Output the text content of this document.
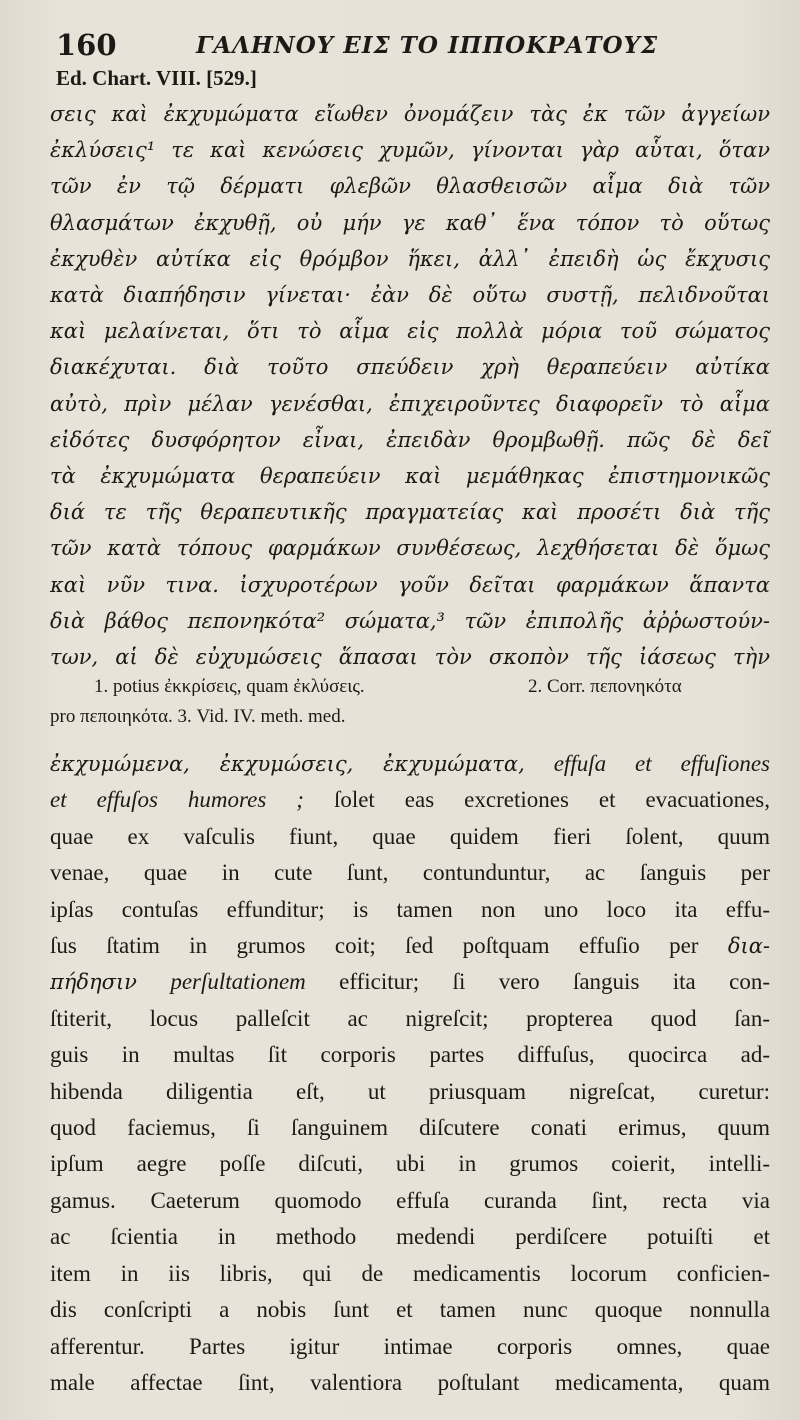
160	ΓΑΛΗΝΟΥ ΕΙΣ ΤΟ ΙΠΠΟΚΡΑΤΟΥΣ
Ed. Chart. VIII. [529.]
σεις καὶ ἐκχυμώματα εἴωθεν ὀνομάζειν τὰς ἐκ τῶν ἀγγείων
ἐκλύσεις¹ τε καὶ κενώσεις χυμῶν, γίνονται γὰρ αὗται, ὅταν
τῶν ἐν τῷ δέρματι φλεβῶν θλασθεισῶν αἷμα διὰ τῶν
θλασμάτων ἐκχυθῇ, οὐ μήν γε καθ᾽ ἕνα τόπον τὸ οὕτως
ἐκχυθὲν αὐτίκα εἰς θρόμβον ἥκει, ἀλλ᾽ ἐπειδὴ ὡς ἔκχυσις
κατὰ διαπήδησιν γίνεται· ἐὰν δὲ οὕτω συστῇ, πελιδνοῦται
καὶ μελαίνεται, ὅτι τὸ αἷμα εἰς πολλὰ μόρια τοῦ σώματος
διακέχυται. διὰ τοῦτο σπεύδειν χρὴ θεραπεύειν αὐτίκα
αὐτὸ, πρὶν μέλαν γενέσθαι, ἐπιχειροῦντες διαφορεῖν τὸ αἷμα
εἰδότες δυσφόρητον εἶναι, ἐπειδὰν θρομβωθῇ. πῶς δὲ δεῖ
τὰ ἐκχυμώματα θεραπεύειν καὶ μεμάθηκας ἐπιστημονικῶς
διά τε τῆς θεραπευτικῆς πραγματείας καὶ προσέτι διὰ τῆς
τῶν κατὰ τόπους φαρμάκων συνθέσεως, λεχθήσεται δὲ ὅμως
καὶ νῦν τινα. ἰσχυροτέρων γοῦν δεῖται φαρμάκων ἅπαντα
διὰ βάθος πεπονηκότα² σώματα,³ τῶν ἐπιπολῆς ἀῤῥωστούν-
των, αἱ δὲ εὐχυμώσεις ἅπασαι τὸν σκοπὸν τῆς ἰάσεως τὴν
1. potius ἐκκρίσεις, quam ἐκλύσεις.	2. Corr. πεπονηκότα
pro πεποιηκότα. 3. Vid. IV. meth. med.
ἐκχυμώμενα, ἐκχυμώσεις, ἐκχυμώματα, effuſa et effuſiones
et effuſos humores ; ſolet eas excretiones et evacuationes,
quae ex vaſculis fiunt, quae quidem fieri ſolent, quum
venae, quae in cute ſunt, contunduntur, ac ſanguis per
ipſas contuſas effunditur; is tamen non uno loco ita effu-
ſus ſtatim in grumos coit; ſed poſtquam effuſio per δια-
πήδησιν perſultationem efficitur; ſi vero ſanguis ita con-
ſtiterit, locus palleſcit ac nigreſcit; propterea quod ſan-
guis in multas ſit corporis partes diffuſus, quocirca ad-
hibenda diligentia eſt, ut priusquam nigreſcat, curetur:
quod faciemus, ſi ſanguinem diſcutere conati erimus, quum
ipſum aegre poſſe diſcuti, ubi in grumos coierit, intelli-
gamus. Caeterum quomodo effuſa curanda ſint, recta via
ac ſcientia in methodo medendi perdiſcere potuiſti et
item in iis libris, qui de medicamentis locorum conficien-
dis conſcripti a nobis ſunt et tamen nunc quoque nonnulla
afferentur. Partes igitur intimae corporis omnes, quae
male affectae ſint, valentiora poſtulant medicamenta, quam
